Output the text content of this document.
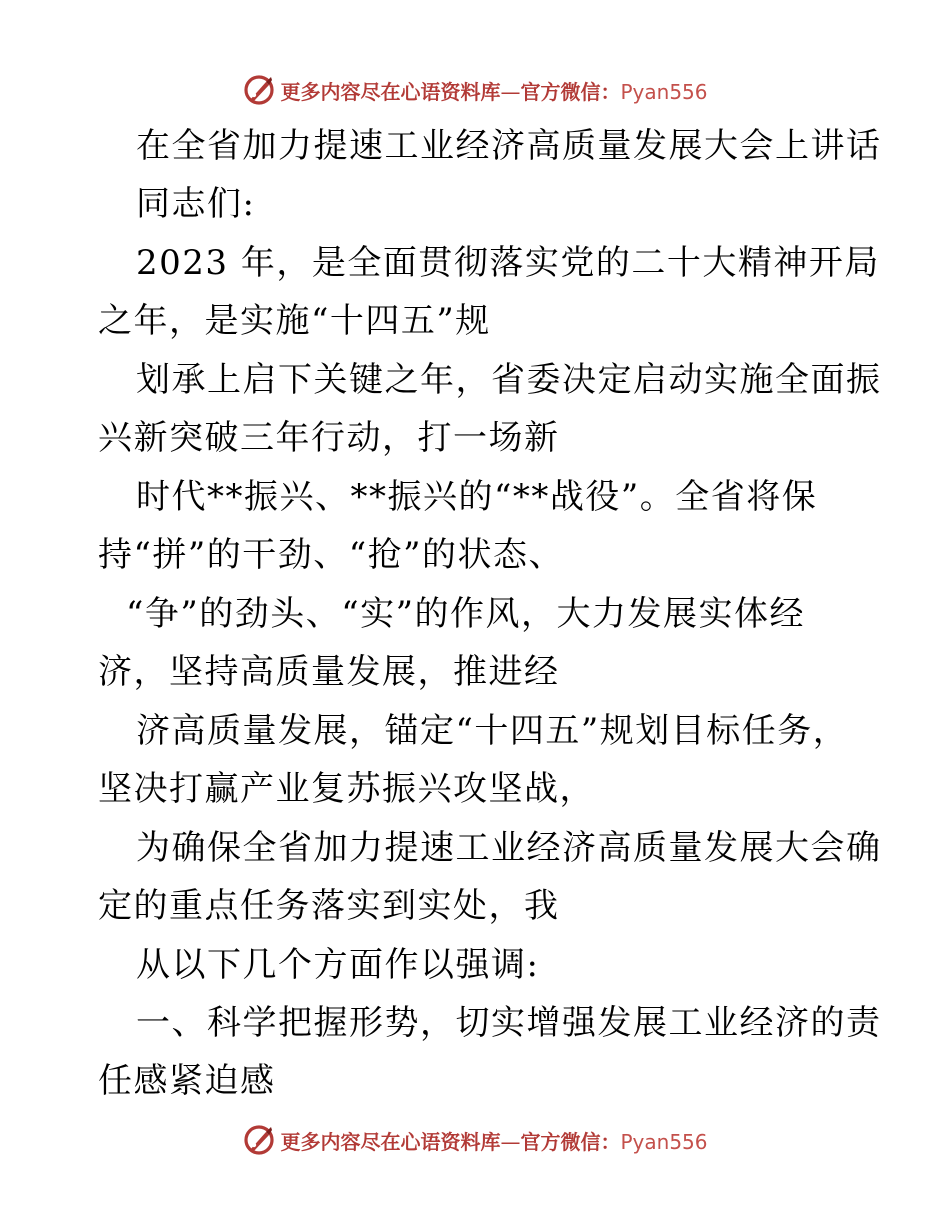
更多内容尽在心语资料库—官方微信：Pyan556
在全省加力提速工业经济高质量发展大会上讲话
同志们:
2023 年，是全面贯彻落实党的二十大精神开局
之年，是实施“十四五”规
划承上启下关键之年，省委决定启动实施全面振
兴新突破三年行动，打一场新
时代**振兴、**振兴的“**战役”。全省将保
持“拼”的干劲、“抢”的状态、
“争”的劲头、“实”的作风，大力发展实体经
济，坚持高质量发展，推进经
济高质量发展，锚定“十四五”规划目标任务，
坚决打赢产业复苏振兴攻坚战，
为确保全省加力提速工业经济高质量发展大会确
定的重点任务落实到实处，我
从以下几个方面作以强调:
一、科学把握形势，切实增强发展工业经济的责
任感紧迫感
更多内容尽在心语资料库—官方微信：Pyan556
